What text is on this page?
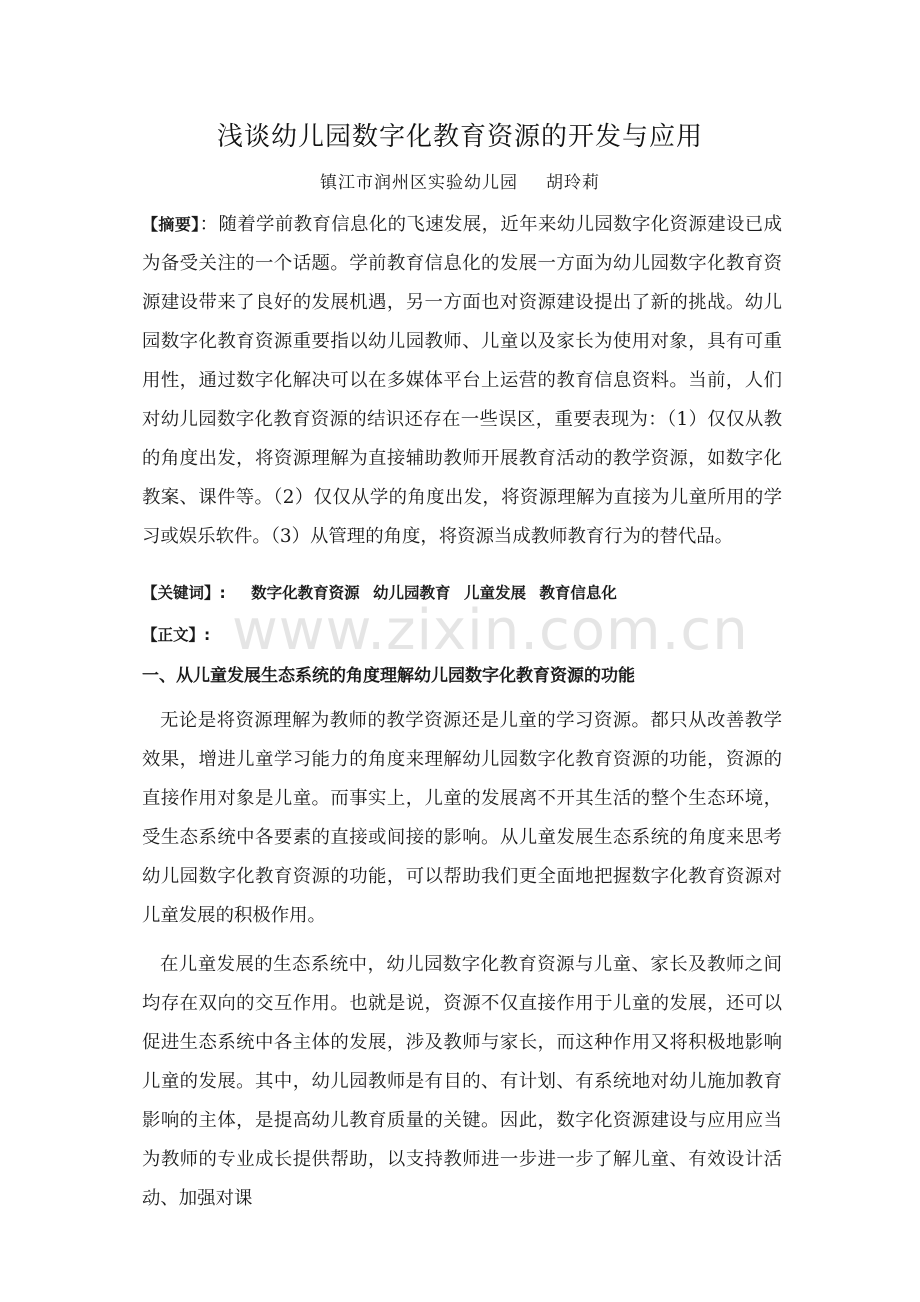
浅谈幼儿园数字化教育资源的开发与应用
镇江市润州区实验幼儿园 胡玲莉
【摘要】：随着学前教育信息化的飞速发展，近年来幼儿园数字化资源建设已成为备受关注的一个话题。学前教育信息化的发展一方面为幼儿园数字化教育资源建设带来了良好的发展机遇，另一方面也对资源建设提出了新的挑战。幼儿园数字化教育资源重要指以幼儿园教师、儿童以及家长为使用对象，具有可重用性，通过数字化解决可以在多媒体平台上运营的教育信息资料。当前，人们对幼儿园数字化教育资源的结识还存在一些误区，重要表现为：（1）仅仅从教的角度出发，将资源理解为直接辅助教师开展教育活动的教学资源，如数字化教案、课件等。（2）仅仅从学的角度出发，将资源理解为直接为儿童所用的学习或娱乐软件。（3）从管理的角度，将资源当成教师教育行为的替代品。
【关键词】: 数字化教育资源 幼儿园教育 儿童发展 教育信息化
【正文】: www.zixin.com.cn
一、从儿童发展生态系统的角度理解幼儿园数字化教育资源的功能
无论是将资源理解为教师的教学资源还是儿童的学习资源。都只从改善教学效果，增进儿童学习能力的角度来理解幼儿园数字化教育资源的功能，资源的直接作用对象是儿童。而事实上，儿童的发展离不开其生活的整个生态环境，受生态系统中各要素的直接或间接的影响。从儿童发展生态系统的角度来思考幼儿园数字化教育资源的功能，可以帮助我们更全面地把握数字化教育资源对儿童发展的积极作用。
在儿童发展的生态系统中，幼儿园数字化教育资源与儿童、家长及教师之间均存在双向的交互作用。也就是说，资源不仅直接作用于儿童的发展，还可以促进生态系统中各主体的发展，涉及教师与家长，而这种作用又将积极地影响儿童的发展。其中，幼儿园教师是有目的、有计划、有系统地对幼儿施加教育影响的主体，是提高幼儿教育质量的关键。因此，数字化资源建设与应用应当为教师的专业成长提供帮助，以支持教师进一步进一步了解儿童、有效设计活动、加强对课
